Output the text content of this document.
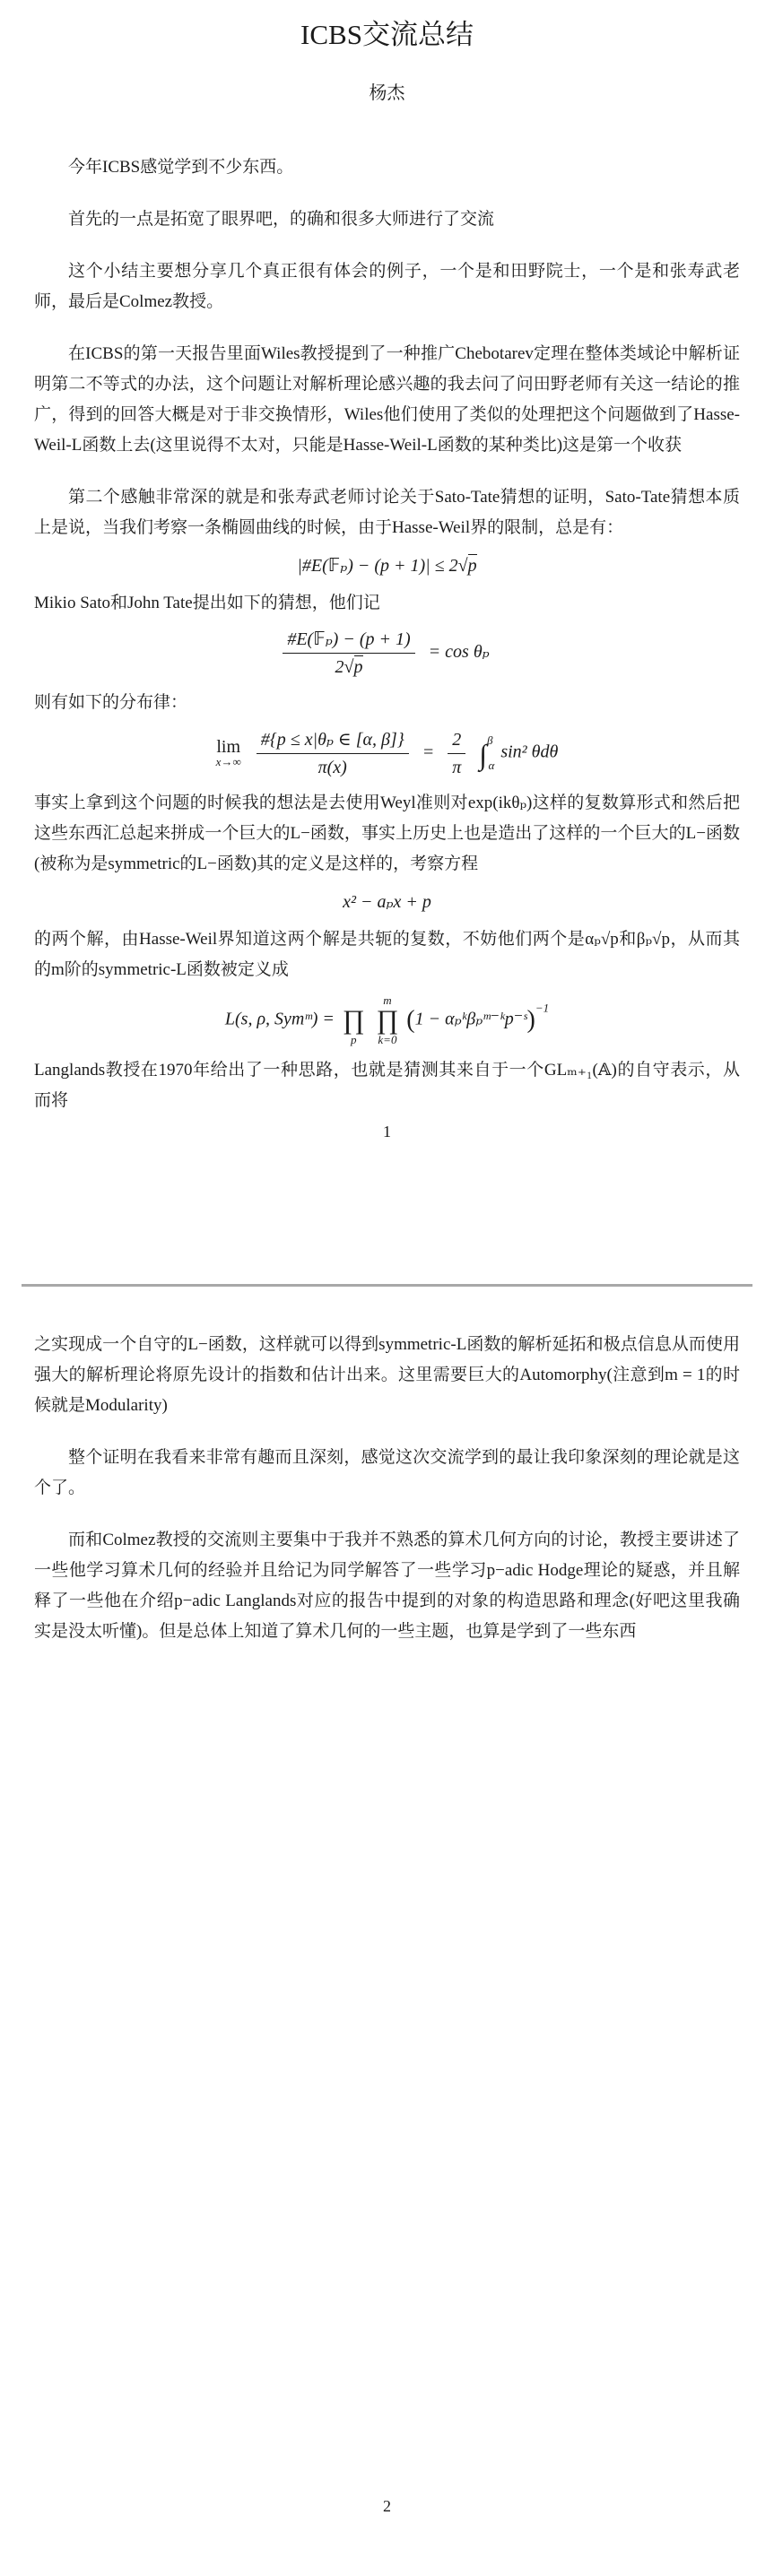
ICBS交流总结
杨杰

今年ICBS感觉学到不少东西。

首先的一点是拓宽了眼界吧，的确和很多大师进行了交流

这个小结主要想分享几个真正很有体会的例子，一个是和田野院士，一个是和张寿武老师，最后是Colmez教授。

在ICBS的第一天报告里面Wiles教授提到了一种推广Chebotarev定理在整体类域论中解析证明第二不等式的办法，这个问题让对解析理论感兴趣的我去问了问田野老师有关这一结论的推广，得到的回答大概是对于非交换情形，Wiles他们使用了类似的处理把这个问题做到了Hasse-Weil-L函数上去(这里说得不太对，只能是Hasse-Weil-L函数的某种类比)这是第一个收获

第二个感触非常深的就是和张寿武老师讨论关于Sato-Tate猜想的证明，Sato-Tate猜想本质上是说，当我们考察一条椭圆曲线的时候，由于Hasse-Weil界的限制，总是有：

|#E(𝔽ₚ) − (p + 1)| ≤ 2√p

Mikio Sato和John Tate提出如下的猜想，他们记

$\frac{\text{\#E(𝔽ₚ) − (p + 1)}}{2√p} = \cos \theta_p$

则有如下的分布律：

lim
x→∞
$\frac{\text{\#\{p ≤ x|θₚ ∈ [α, β]\}}}{\pi(x)} = \frac{2}{\pi} \int^\beta_\alpha$ sin² θdθ

事实上拿到这个问题的时候我的想法是去使用Weyl准则对exp(ikθₚ)这样的复数算形式和然后把这些东西汇总起来拼成一个巨大的L−函数，事实上历史上也是造出了这样的一个巨大的L−函数(被称为是symmetric的L−函数)其的定义是这样的，考察方程

x² − aₚx + p

的两个解，由Hasse-Weil界知道这两个解是共轭的复数，不妨他们两个是αₚ√p和βₚ√p，从而其的m阶的symmetric-L函数被定义成

L(s, ρ, Symᵐ) = ∏
p

m
∏
k=0
(1 − αₚᵏβₚᵐ⁻ᵏp⁻ˢ)$^{-1}$

Langlands教授在1970年给出了一种思路，也就是猜测其来自于一个GLₘ₊₁(𝔸)的自守表示，从而将

1

之实现成一个自守的L−函数，这样就可以得到symmetric-L函数的解析延拓和极点信息从而使用强大的解析理论将原先设计的指数和估计出来。这里需要巨大的Automorphy(注意到m = 1的时候就是Modularity)

整个证明在我看来非常有趣而且深刻，感觉这次交流学到的最让我印象深刻的理论就是这个了。

而和Colmez教授的交流则主要集中于我并不熟悉的算术几何方向的讨论，教授主要讲述了一些他学习算术几何的经验并且给记为同学解答了一些学习p−adic Hodge理论的疑惑，并且解释了一些他在介绍p−adic Langlands对应的报告中提到的对象的构造思路和理念(好吧这里我确实是没太听懂)。但是总体上知道了算术几何的一些主题，也算是学到了一些东西

2
